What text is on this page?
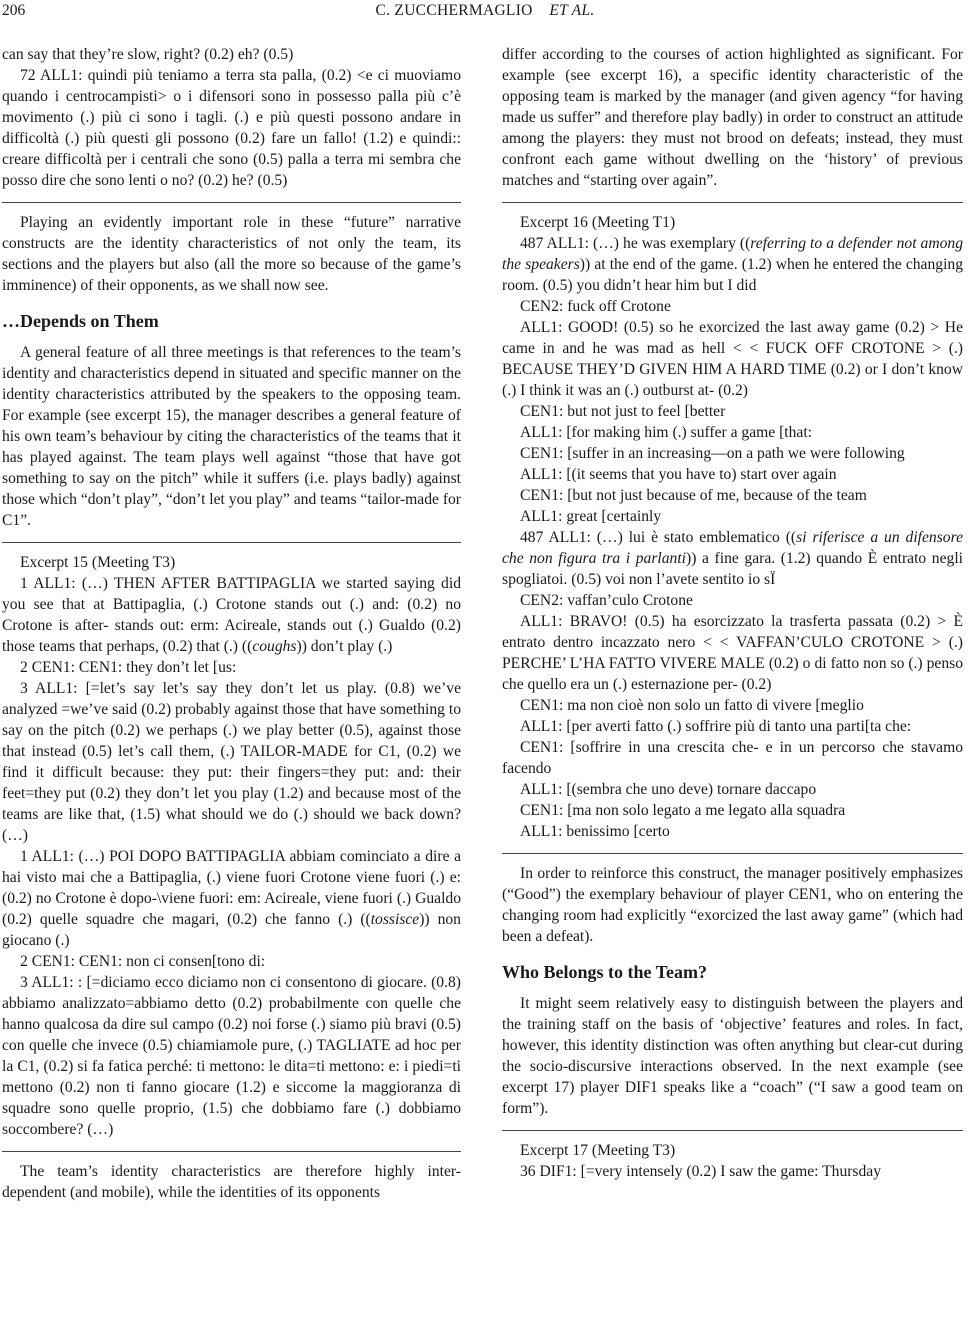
206	C. ZUCCHERMAGLIO ET AL.

can say that they’re slow, right? (0.2) eh? (0.5)

72 ALL1: quindi più teniamo a terra sta palla, (0.2) <e ci muoviamo quando i centrocampisti> o i difensori sono in possesso palla più c’è movimento (.) più ci sono i tagli. (.) e più questi possono andare in difficoltà (.) più questi gli possono (0.2) fare un fallo! (1.2) e quindi:: creare difficoltà per i centrali che sono (0.5) palla a terra mi sembra che posso dire che sono lenti o no? (0.2) he? (0.5)

Playing an evidently important role in these “future” narrative constructs are the identity characteristics of not only the team, its sections and the players but also (all the more so because of the game’s imminence) of their opponents, as we shall now see.

…Depends on Them

A general feature of all three meetings is that references to the team’s identity and characteristics depend in situated and specific manner on the identity characteristics attributed by the speakers to the opposing team. For example (see excerpt 15), the manager describes a general feature of his own team’s behaviour by citing the characteristics of the teams that it has played against. The team plays well against “those that have got something to say on the pitch” while it suffers (i.e. plays badly) against those which “don’t play”, “don’t let you play” and teams “tailor-made for C1”.

Excerpt 15 (Meeting T3)

1 ALL1: (…) THEN AFTER BATTIPAGLIA we started saying did you see that at Battipaglia, (.) Crotone stands out (.) and: (0.2) no Crotone is after- stands out: erm: Acireale, stands out (.) Gualdo (0.2) those teams that perhaps, (0.2) that (.) ((coughs)) don’t play (.)

2 CEN1: CEN1: they don’t let [us:

3 ALL1: [=let’s say let’s say they don’t let us play. (0.8) we’ve analyzed =we’ve said (0.2) probably against those that have something to say on the pitch (0.2) we perhaps (.) we play better (0.5), against those that instead (0.5) let’s call them, (.) TAILOR-MADE for C1, (0.2) we find it difficult because: they put: their fingers=they put: and: their feet=they put (0.2) they don’t let you play (1.2) and because most of the teams are like that, (1.5) what should we do (.) should we back down? (…)

1 ALL1: (…) POI DOPO BATTIPAGLIA abbiam cominciato a dire a hai visto mai che a Battipaglia, (.) viene fuori Crotone viene fuori (.) e: (0.2) no Crotone è dopo-\viene fuori: em: Acireale, viene fuori (.) Gualdo (0.2) quelle squadre che magari, (0.2) che fanno (.) ((tossisce)) non giocano (.)

2 CEN1: CEN1: non ci consen[tono di:

3 ALL1: : [=diciamo ecco diciamo non ci consentono di giocare. (0.8) abbiamo analizzato=abbiamo detto (0.2) probabilmente con quelle che hanno qualcosa da dire sul campo (0.2) noi forse (.) siamo più bravi (0.5) con quelle che invece (0.5) chiamiamole pure, (.) TAGLIATE ad hoc per la C1, (0.2) si fa fatica perché: ti mettono: le dita=ti mettono: e: i piedi=ti mettono (0.2) non ti fanno giocare (1.2) e siccome la maggioranza di squadre sono quelle proprio, (1.5) che dobbiamo fare (.) dobbiamo soccombere? (…)

The team’s identity characteristics are therefore highly inter-dependent (and mobile), while the identities of its opponents

differ according to the courses of action highlighted as significant. For example (see excerpt 16), a specific identity characteristic of the opposing team is marked by the manager (and given agency “for having made us suffer” and therefore play badly) in order to construct an attitude among the players: they must not brood on defeats; instead, they must confront each game without dwelling on the ‘history’ of previous matches and “starting over again”.

Excerpt 16 (Meeting T1)

487 ALL1: (…) he was exemplary ((referring to a defender not among the speakers)) at the end of the game. (1.2) when he entered the changing room. (0.5) you didn’t hear him but I did

CEN2: fuck off Crotone

ALL1: GOOD! (0.5) so he exorcized the last away game (0.2) > He came in and he was mad as hell < < FUCK OFF CROTONE > (.) BECAUSE THEY’D GIVEN HIM A HARD TIME (0.2) or I don’t know (.) I think it was an (.) outburst at- (0.2)

CEN1: but not just to feel [better

ALL1: [for making him (.) suffer a game [that:

CEN1: [suffer in an increasing—on a path we were following

ALL1: [(it seems that you have to) start over again

CEN1: [but not just because of me, because of the team

ALL1: great [certainly

487 ALL1: (…) lui è stato emblematico ((si riferisce a un difensore che non figura tra i parlanti)) a fine gara. (1.2) quando È entrato negli spogliatoi. (0.5) voi non l’avete sentito io sÏ

CEN2: vaffan’culo Crotone

ALL1: BRAVO! (0.5) ha esorcizzato la trasferta passata (0.2) > È entrato dentro incazzato nero < < VAFFAN’CULO CROTONE > (.) PERCHE’ L’HA FATTO VIVERE MALE (0.2) o di fatto non so (.) penso che quello era un (.) esternazione per- (0.2)

CEN1: ma non cioè non solo un fatto di vivere [meglio

ALL1: [per averti fatto (.) soffrire più di tanto una parti[ta che:

CEN1: [soffrire in una crescita che- e in un percorso che stavamo facendo

ALL1: [(sembra che uno deve) tornare daccapo

CEN1: [ma non solo legato a me legato alla squadra

ALL1: benissimo [certo

In order to reinforce this construct, the manager positively emphasizes (“Good”) the exemplary behaviour of player CEN1, who on entering the changing room had explicitly “exorcized the last away game” (which had been a defeat).

Who Belongs to the Team?

It might seem relatively easy to distinguish between the players and the training staff on the basis of ‘objective’ features and roles. In fact, however, this identity distinction was often anything but clear-cut during the socio-discursive interactions observed. In the next example (see excerpt 17) player DIF1 speaks like a “coach” (“I saw a good team on form”).

Excerpt 17 (Meeting T3)

36 DIF1: [=very intensely (0.2) I saw the game: Thursday
